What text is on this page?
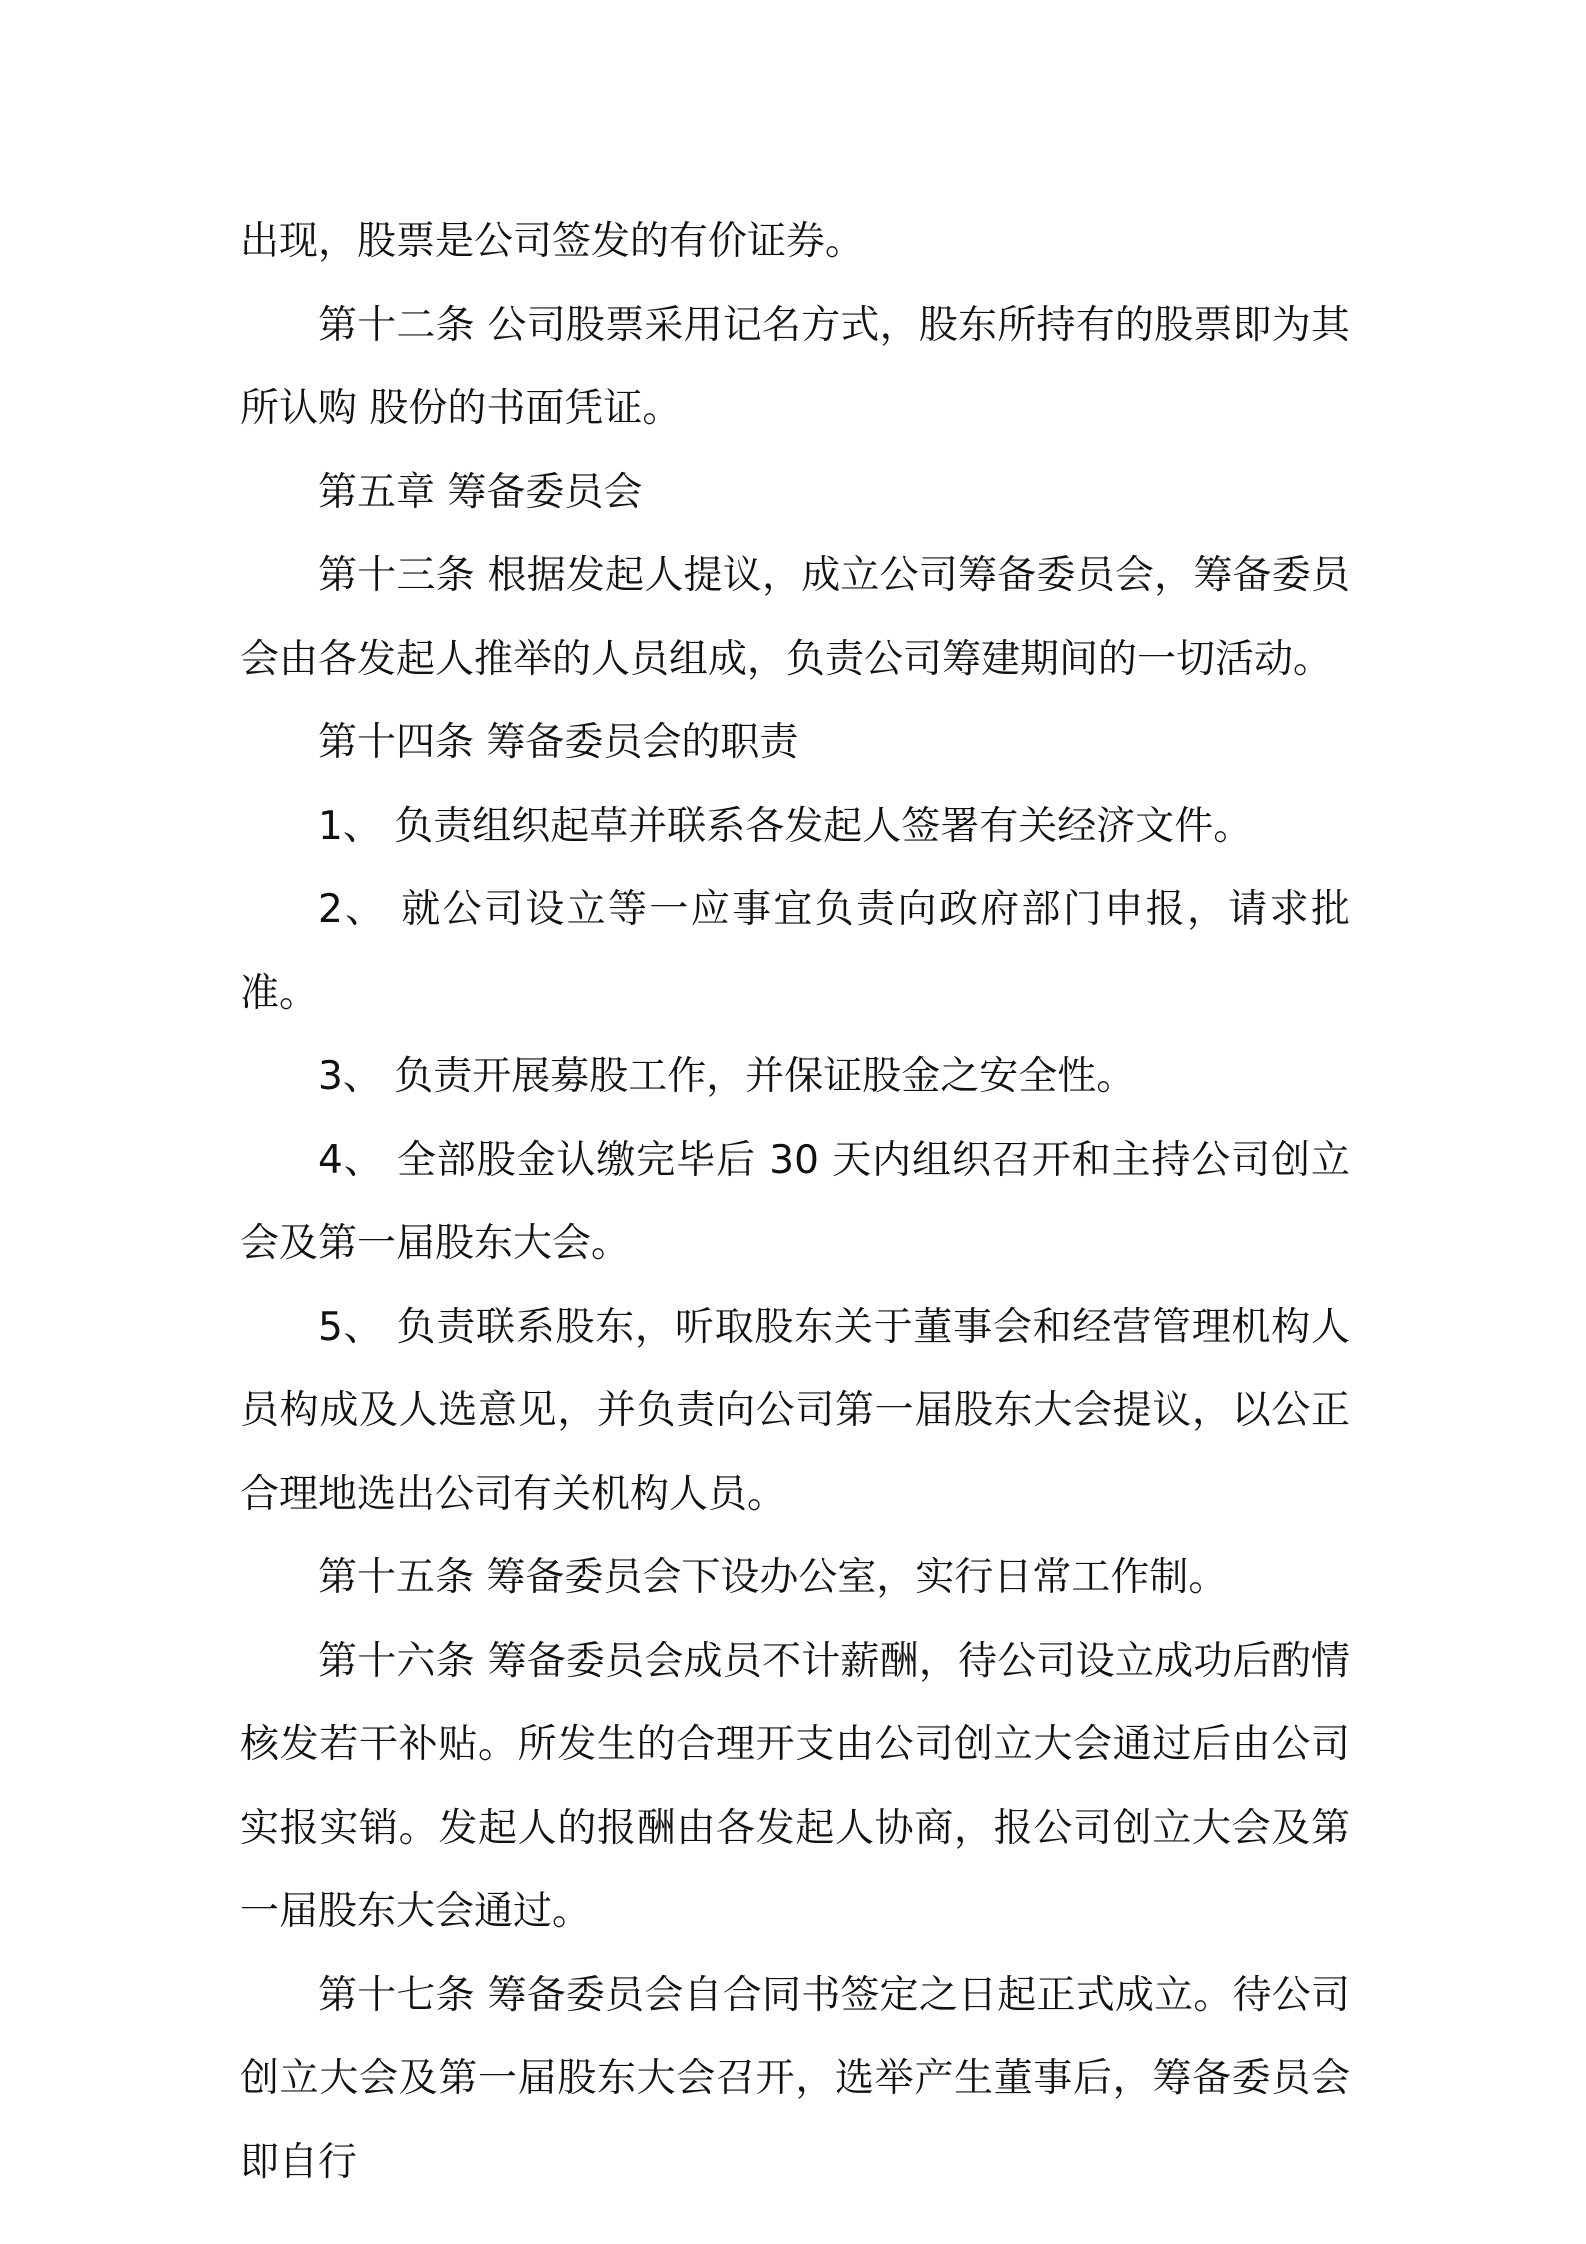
出现，股票是公司签发的有价证券。

第十二条 公司股票采用记名方式，股东所持有的股票即为其所认购 股份的书面凭证。

第五章 筹备委员会

第十三条 根据发起人提议，成立公司筹备委员会，筹备委员会由各发起人推举的人员组成，负责公司筹建期间的一切活动。

第十四条 筹备委员会的职责

1、 负责组织起草并联系各发起人签署有关经济文件。

2、 就公司设立等一应事宜负责向政府部门申报，请求批准。

3、 负责开展募股工作，并保证股金之安全性。

4、 全部股金认缴完毕后 30 天内组织召开和主持公司创立会及第一届股东大会。

5、 负责联系股东，听取股东关于董事会和经营管理机构人员构成及人选意见，并负责向公司第一届股东大会提议，以公正合理地选出公司有关机构人员。

第十五条 筹备委员会下设办公室，实行日常工作制。

第十六条 筹备委员会成员不计薪酬，待公司设立成功后酌情核发若干补贴。所发生的合理开支由公司创立大会通过后由公司实报实销。发起人的报酬由各发起人协商，报公司创立大会及第一届股东大会通过。

第十七条 筹备委员会自合同书签定之日起正式成立。待公司创立大会及第一届股东大会召开，选举产生董事后，筹备委员会即自行
